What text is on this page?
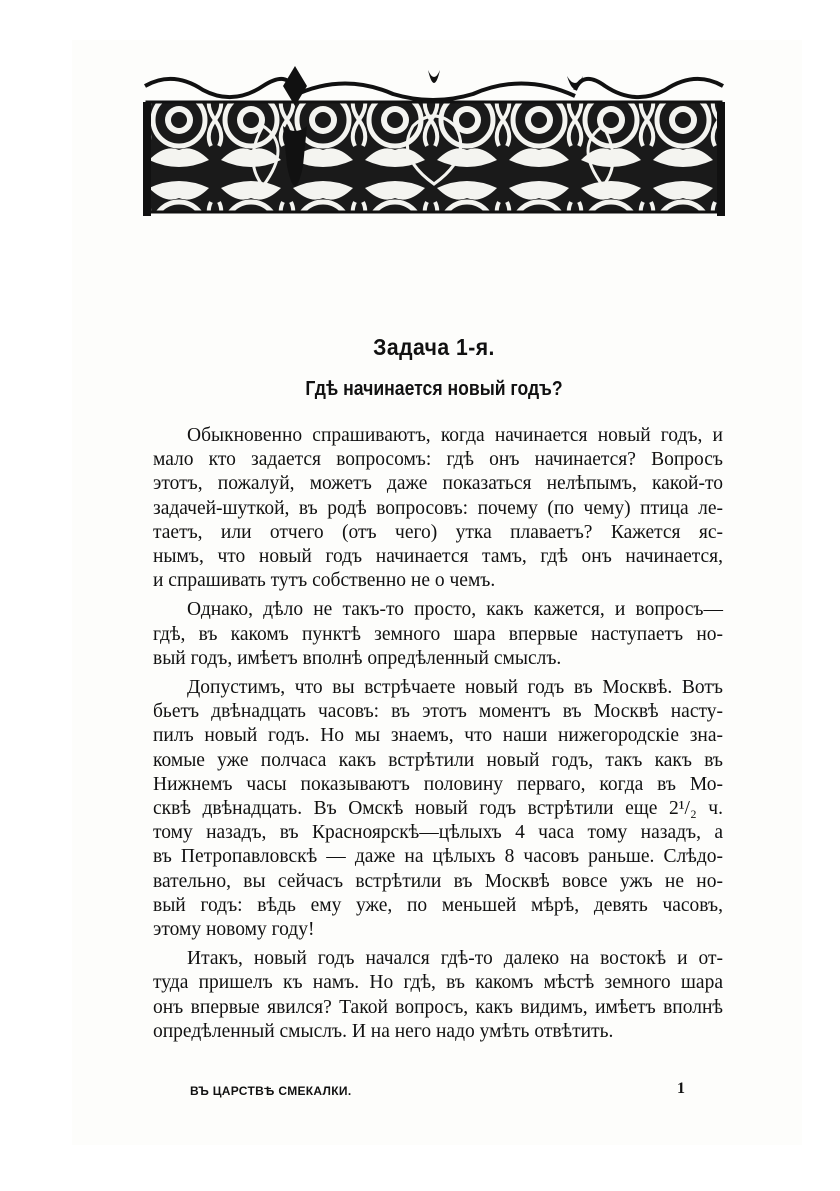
Задача 1-я.
Гдѣ начинается новый годъ?
Обыкновенно спрашиваютъ, когда начинается новый годъ, и
мало кто задается вопросомъ: гдѣ онъ начинается? Вопросъ
этотъ, пожалуй, можетъ даже показаться нелѣпымъ, какой-то
задачей-шуткой, въ родѣ вопросовъ: почему (по чему) птица ле-
таетъ, или отчего (отъ чего) утка плаваетъ? Кажется яс-
нымъ, что новый годъ начинается тамъ, гдѣ онъ начинается,
и спрашивать тутъ собственно не о чемъ.
Однако, дѣло не такъ-то просто, какъ кажется, и вопросъ—
гдѣ, въ какомъ пунктѣ земного шара впервые наступаетъ но-
вый годъ, имѣетъ вполнѣ опредѣленный смыслъ.
Допустимъ, что вы встрѣчаете новый годъ въ Москвѣ. Вотъ
бьетъ двѣнадцать часовъ: въ этотъ моментъ въ Москвѣ насту-
пилъ новый годъ. Но мы знаемъ, что наши нижегородскіе зна-
комые уже полчаса какъ встрѣтили новый годъ, такъ какъ въ
Нижнемъ часы показываютъ половину перваго, когда въ Мо-
сквѣ двѣнадцать. Въ Омскѣ новый годъ встрѣтили еще 2¹/₂ ч.
тому назадъ, въ Красноярскѣ—цѣлыхъ 4 часа тому назадъ, а
въ Петропавловскѣ — даже на цѣлыхъ 8 часовъ раньше. Слѣдо-
вательно, вы сейчасъ встрѣтили въ Москвѣ вовсе ужъ не но-
вый годъ: вѣдь ему уже, по меньшей мѣрѣ, девять часовъ,
этому новому году!
Итакъ, новый годъ начался гдѣ-то далеко на востокѣ и от-
туда пришелъ къ намъ. Но гдѣ, въ какомъ мѣстѣ земного шара
онъ впервые явился? Такой вопросъ, какъ видимъ, имѣетъ вполнѣ
опредѣленный смыслъ. И на него надо умѣть отвѣтить.
ВЪ ЦАРСТВѢ СМЕКАЛКИ.	1
